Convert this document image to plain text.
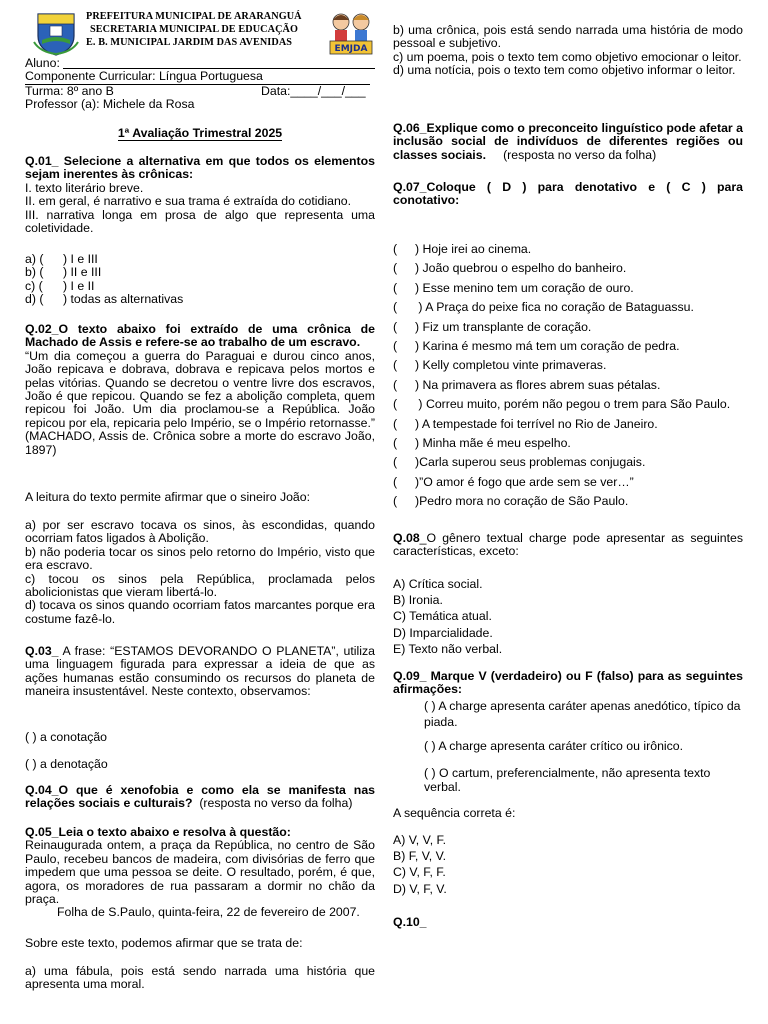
PREFEITURA MUNICIPAL DE ARARANGUÁ
SECRETARIA MUNICIPAL DE EDUCAÇÃO
E. B. MUNICIPAL JARDIM DAS AVENIDAS
EMJDA

Aluno:

Componente Curricular: Língua Portuguesa

Turma: 8º ano B	Data:____/___/___

Professor (a): Michele da Rosa

1ª Avaliação Trimestral 2025

Q.01_ Selecione a alternativa em que todos os elementos sejam inerentes às crônicas:

I. texto literário breve.

II. em geral, é narrativo e sua trama é extraída do cotidiano.

III. narrativa longa em prosa de algo que representa uma coletividade.

a) ( ) I e III

b) ( ) II e III

c) ( ) I e II

d) ( ) todas as alternativas

Q.02_O texto abaixo foi extraído de uma crônica de Machado de Assis e refere-se ao trabalho de um escravo.

“Um dia começou a guerra do Paraguai e durou cinco anos, João repicava e dobrava, dobrava e repicava pelos mortos e pelas vitórias. Quando se decretou o ventre livre dos escravos, João é que repicou. Quando se fez a abolição completa, quem repicou foi João. Um dia proclamou-se a República. João repicou por ela, repicaria pelo Império, se o Império retornasse.” (MACHADO, Assis de. Crônica sobre a morte do escravo João, 1897)

A leitura do texto permite afirmar que o sineiro João:

a) por ser escravo tocava os sinos, às escondidas, quando ocorriam fatos ligados à Abolição.

b) não poderia tocar os sinos pelo retorno do Império, visto que era escravo.

c) tocou os sinos pela República, proclamada pelos abolicionistas que vieram libertá-lo.

d) tocava os sinos quando ocorriam fatos marcantes porque era costume fazê-lo.

Q.03_ A frase: “ESTAMOS DEVORANDO O PLANETA”, utiliza uma linguagem figurada para expressar a ideia de que as ações humanas estão consumindo os recursos do planeta de maneira insustentável. Neste contexto, observamos:

( ) a conotação
( ) a denotação

Q.04_O que é xenofobia e como ela se manifesta nas relações sociais e culturais? (resposta no verso da folha)

Q.05_Leia o texto abaixo e resolva à questão:

Reinaugurada ontem, a praça da República, no centro de São Paulo, recebeu bancos de madeira, com divisórias de ferro que impedem que uma pessoa se deite. O resultado, porém, é que, agora, os moradores de rua passaram a dormir no chão da praça.

Folha de S.Paulo, quinta-feira, 22 de fevereiro de 2007.

Sobre este texto, podemos afirmar que se trata de:
a) uma fábula, pois está sendo narrada uma história que apresenta uma moral.

b) uma crônica, pois está sendo narrada uma história de modo pessoal e subjetivo.

c) um poema, pois o texto tem como objetivo emocionar o leitor.

d) uma notícia, pois o texto tem como objetivo informar o leitor.

Q.06_Explique como o preconceito linguístico pode afetar a inclusão social de indivíduos de diferentes regiões ou classes sociais. (resposta no verso da folha)

Q.07_Coloque ( D ) para denotativo e ( C ) para conotativo:

( ) Hoje irei ao cinema.

( ) João quebrou o espelho do banheiro.

( ) Esse menino tem um coração de ouro.

( ) A Praça do peixe fica no coração de Bataguassu.

( ) Fiz um transplante de coração.

( ) Karina é mesmo má tem um coração de pedra.

( ) Kelly completou vinte primaveras.

( ) Na primavera as flores abrem suas pétalas.

( ) Correu muito, porém não pegou o trem para São Paulo.

( ) A tempestade foi terrível no Rio de Janeiro.

( ) Minha mãe é meu espelho.

( )Carla superou seus problemas conjugais.

( )”O amor é fogo que arde sem se ver…”

( )Pedro mora no coração de São Paulo.

Q.08_O gênero textual charge pode apresentar as seguintes características, exceto:

A) Crítica social.

B) Ironia.

C) Temática atual.

D) Imparcialidade.

E) Texto não verbal.

Q.09_ Marque V (verdadeiro) ou F (falso) para as seguintes afirmações:

( ) A charge apresenta caráter apenas anedótico, típico da piada.

( ) A charge apresenta caráter crítico ou irônico.

( ) O cartum, preferencialmente, não apresenta texto verbal.

A sequência correta é:

A) V, V, F.

B) F, V, V.

C) V, F, F.

D) V, F, V.

Q.10_
